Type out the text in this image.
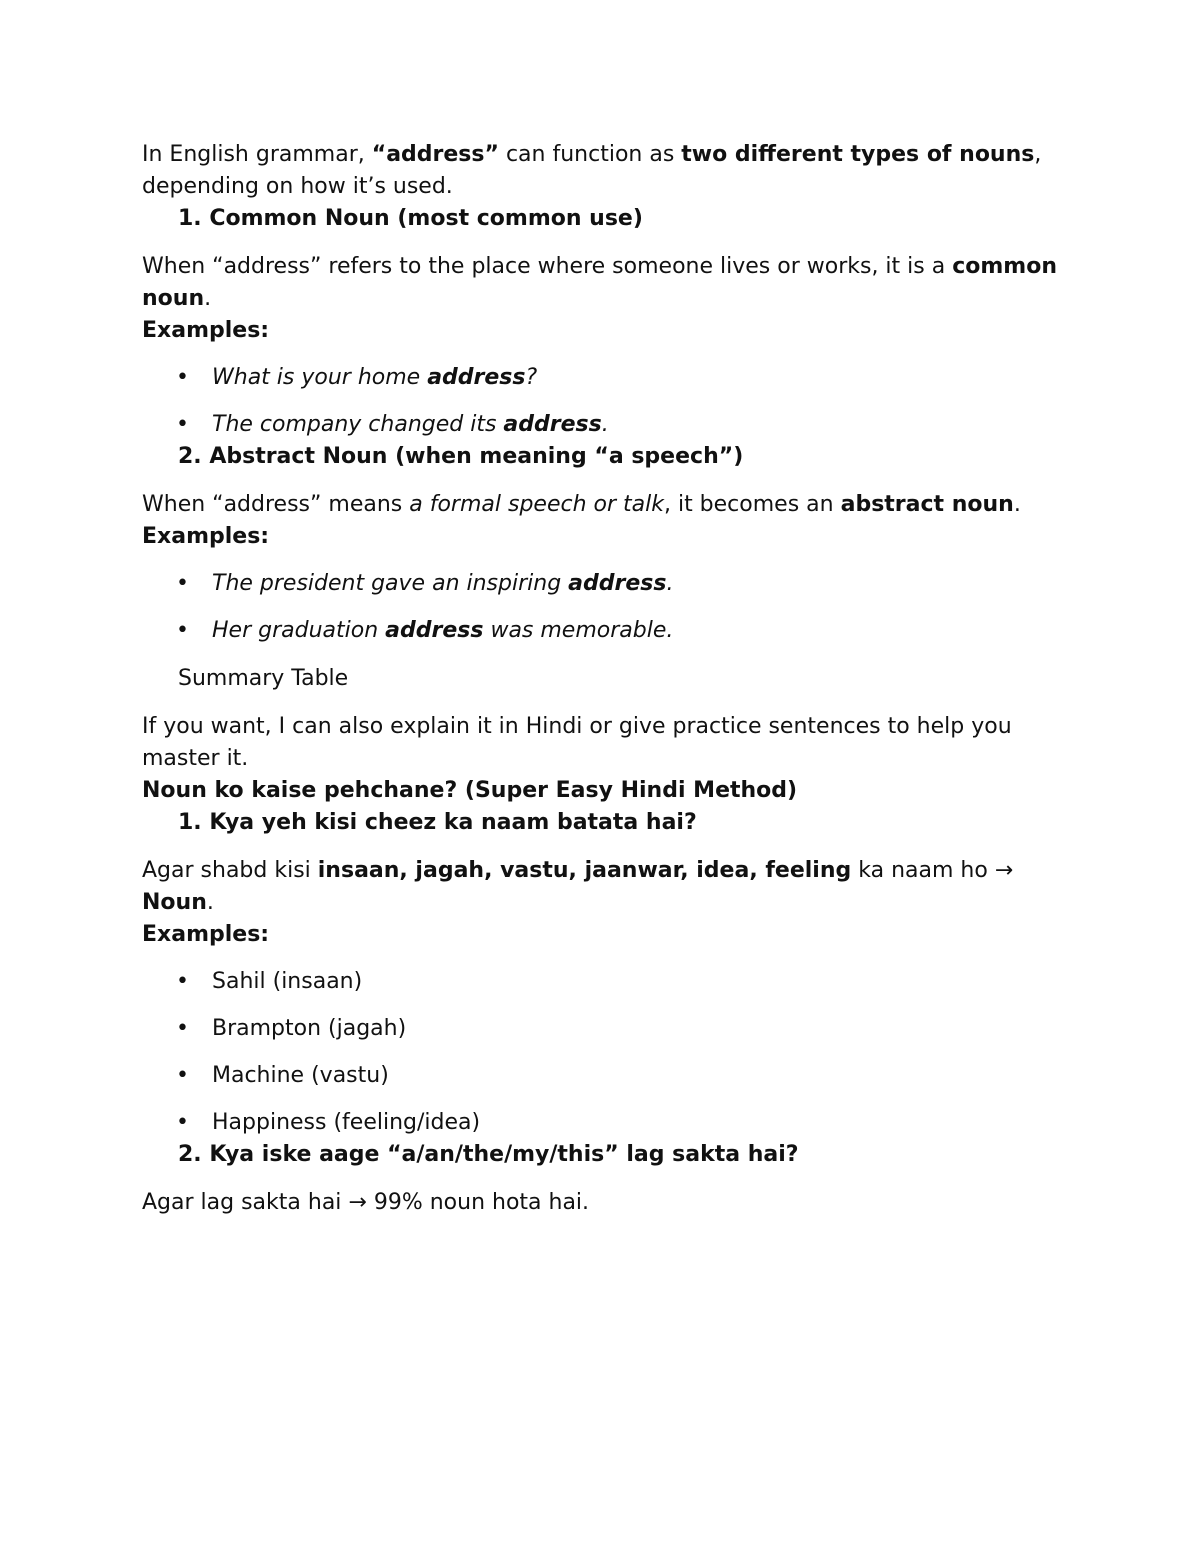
In English grammar, “address” can function as two different types of nouns, depending on how it’s used.

1. Common Noun (most common use)

When “address” refers to the place where someone lives or works, it is a common noun.

Examples:

• What is your home address?
• The company changed its address.

2. Abstract Noun (when meaning “a speech”)

When “address” means a formal speech or talk, it becomes an abstract noun.

Examples:

• The president gave an inspiring address.
• Her graduation address was memorable.

Summary Table

If you want, I can also explain it in Hindi or give practice sentences to help you master it.

Noun ko kaise pehchane? (Super Easy Hindi Method)

1. Kya yeh kisi cheez ka naam batata hai?

Agar shabd kisi insaan, jagah, vastu, jaanwar, idea, feeling ka naam ho → Noun.

Examples:

• Sahil (insaan)
• Brampton (jagah)
• Machine (vastu)
• Happiness (feeling/idea)

2. Kya iske aage “a/an/the/my/this” lag sakta hai?

Agar lag sakta hai → 99% noun hota hai.
